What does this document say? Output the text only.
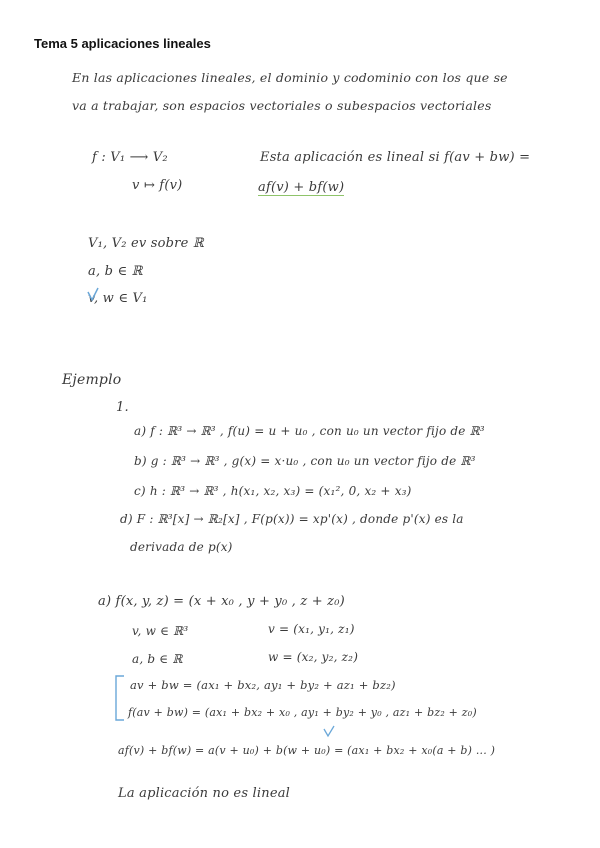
Tema 5 aplicaciones lineales
En las aplicaciones lineales, el dominio y codominio con los que se
va a trabajar, son espacios vectoriales o subespacios vectoriales
f : V₁ ⟶ V₂
v ↦ f(v)
Esta aplicación es lineal si f(av + bw) =
af(v) + bf(w)
V₁, V₂ ev sobre ℝ
a, b ∈ ℝ
v, w ∈ V₁
Ejemplo
1.
a) f : ℝ³ → ℝ³ , f(u) = u + u₀ , con u₀ un vector fijo de ℝ³
b) g : ℝ³ → ℝ³ , g(x) = x·u₀ , con u₀ un vector fijo de ℝ³
c) h : ℝ³ → ℝ³ , h(x₁, x₂, x₃) = (x₁², 0, x₂ + x₃)
d) F : ℝ³[x] → ℝ₂[x] , F(p(x)) = xp'(x) , donde p'(x) es la
derivada de p(x)
a) f(x, y, z) = (x + x₀ , y + y₀ , z + z₀)
v, w ∈ ℝ³	v = (x₁, y₁, z₁)
a, b ∈ ℝ	w = (x₂, y₂, z₂)
av + bw = (ax₁ + bx₂, ay₁ + by₂ + az₁ + bz₂)
f(av + bw) = (ax₁ + bx₂ + x₀ , ay₁ + by₂ + y₀ , az₁ + bz₂ + z₀)
af(v) + bf(w) = a(v + u₀) + b(w + u₀) = (ax₁ + bx₂ + x₀(a + b) ... )
La aplicación no es lineal
